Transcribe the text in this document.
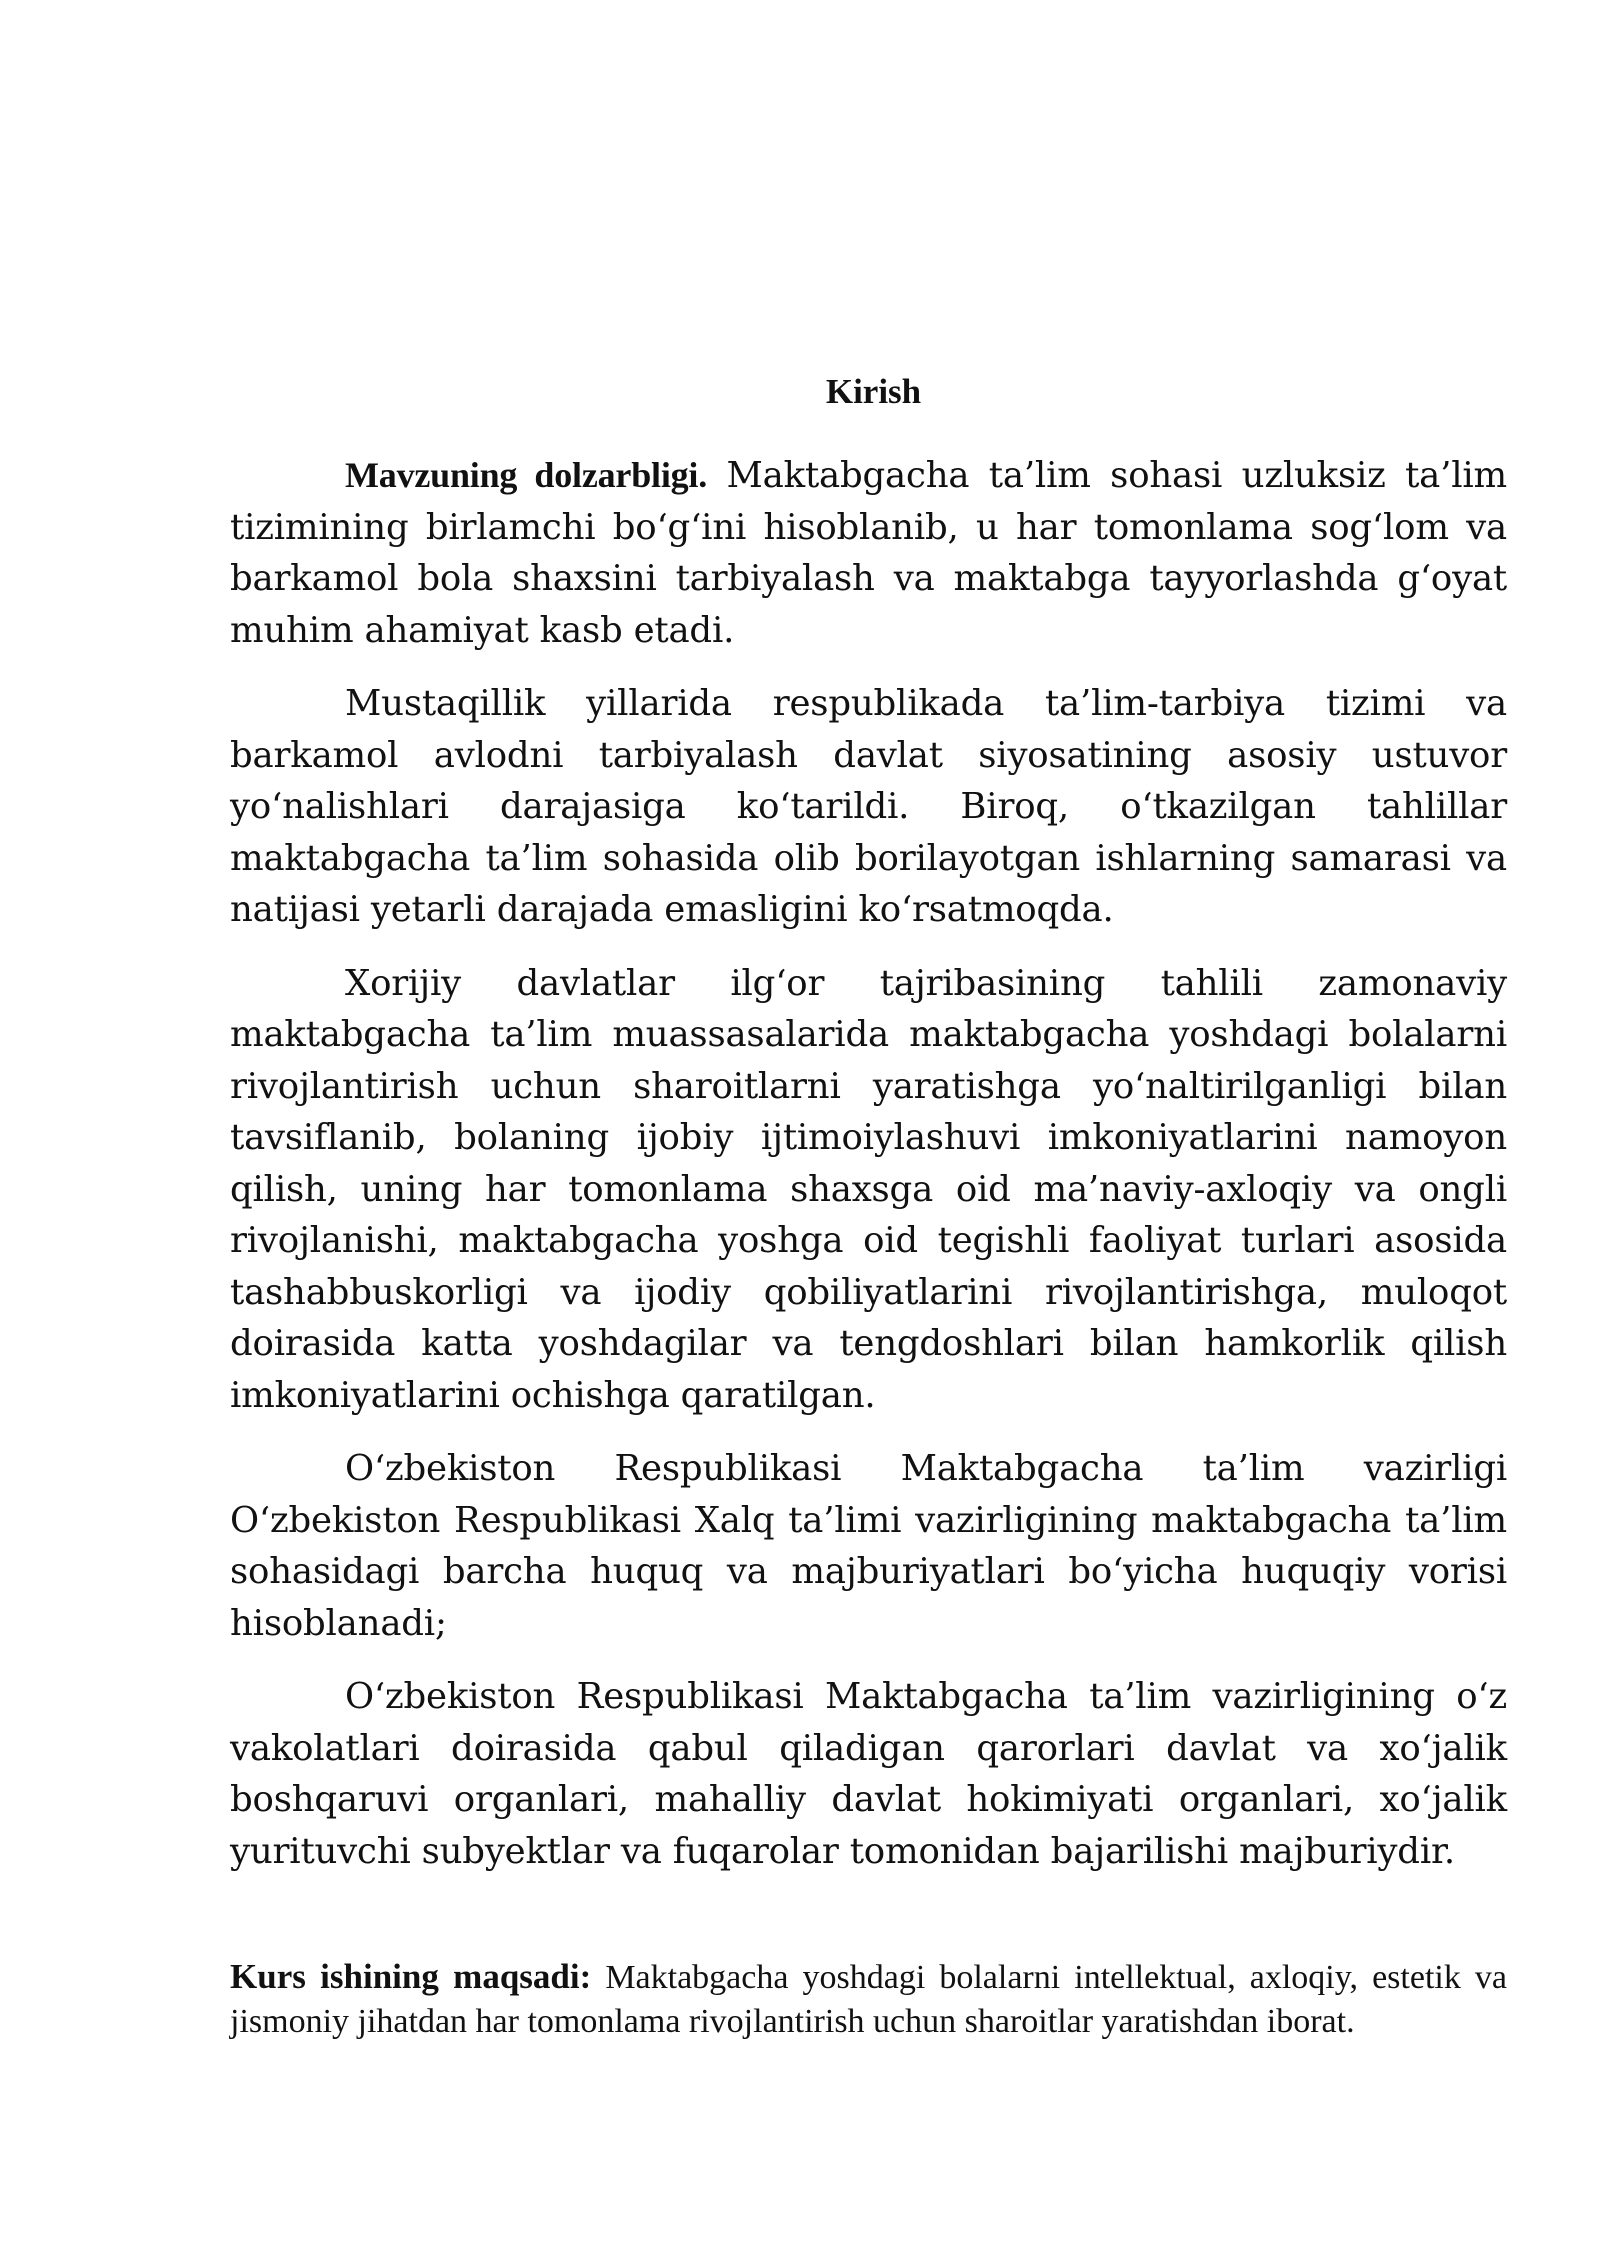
Kirish

Mavzuning dolzarbligi. Maktabgacha ta’lim sohasi uzluksiz ta’lim tizimining birlamchi bo‘g‘ini hisoblanib, u har tomonlama sog‘lom va barkamol bola shaxsini tarbiyalash va maktabga tayyorlashda g‘oyat muhim ahamiyat kasb etadi.

Mustaqillik yillarida respublikada ta’lim-tarbiya tizimi va barkamol avlodni tarbiyalash davlat siyosatining asosiy ustuvor yo‘nalishlari darajasiga ko‘tarildi. Biroq, o‘tkazilgan tahlillar maktabgacha ta’lim sohasida olib borilayotgan ishlarning samarasi va natijasi yetarli darajada emasligini ko‘rsatmoqda.

Xorijiy davlatlar ilg‘or tajribasining tahlili zamonaviy maktabgacha ta’lim muassasalarida maktabgacha yoshdagi bolalarni rivojlantirish uchun sharoitlarni yaratishga yo‘naltirilganligi bilan tavsiflanib, bolaning ijobiy ijtimoiylashuvi imkoniyatlarini namoyon qilish, uning har tomonlama shaxsga oid ma’naviy-axloqiy va ongli rivojlanishi, maktabgacha yoshga oid tegishli faoliyat turlari asosida tashabbuskorligi va ijodiy qobiliyatlarini rivojlantirishga, muloqot doirasida katta yoshdagilar va tengdoshlari bilan hamkorlik qilish imkoniyatlarini ochishga qaratilgan.

O‘zbekiston Respublikasi Maktabgacha ta’lim vazirligi O‘zbekiston Respublikasi Xalq ta’limi vazirligining maktabgacha ta’lim sohasidagi barcha huquq va majburiyatlari bo‘yicha huquqiy vorisi hisoblanadi;

O‘zbekiston Respublikasi Maktabgacha ta’lim vazirligining o‘z vakolatlari doirasida qabul qiladigan qarorlari davlat va xo‘jalik boshqaruvi organlari, mahalliy davlat hokimiyati organlari, xo‘jalik yurituvchi subyektlar va fuqarolar tomonidan bajarilishi majburiydir.

Kurs ishining maqsadi: Maktabgacha yoshdagi bolalarni intellektual, axloqiy, estetik va jismoniy jihatdan har tomonlama rivojlantirish uchun sharoitlar yaratishdan iborat.
